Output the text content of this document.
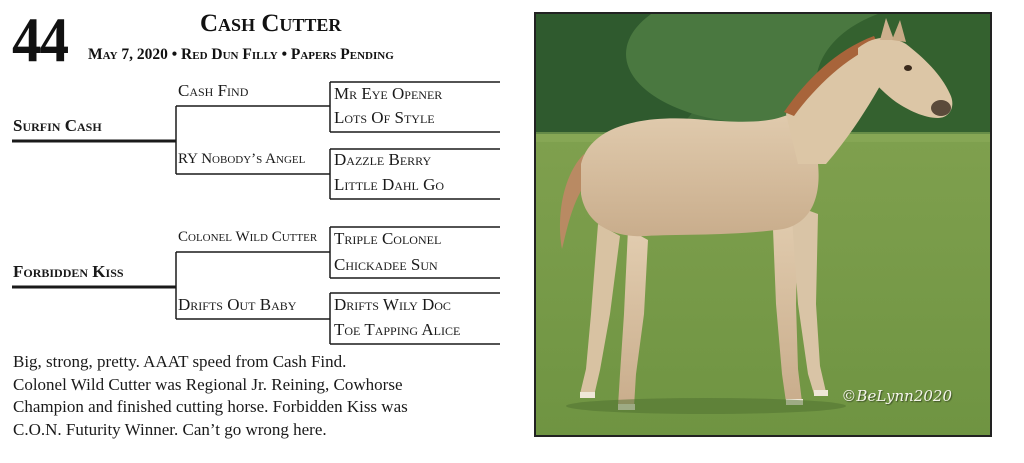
44	Cash Cutter
May 7, 2020 • Red Dun Filly • Papers Pending
Surfin Cash
Cash Find	Mr Eye Opener
Lots Of Style
RY Nobody’s Angel Dazzle Berry
Little Dahl Go
Forbidden Kiss
Colonel Wild Cutter Triple Colonel
Chickadee Sun
Drifts Out Baby Drifts Wily Doc
Toe Tapping Alice
Big, strong, pretty. AAAT speed from Cash Find.
Colonel Wild Cutter was Regional Jr. Reining, Cowhorse
Champion and finished cutting horse. Forbidden Kiss was
C.O.N. Futurity Winner. Can’t go wrong here.
©BeLynn2020
